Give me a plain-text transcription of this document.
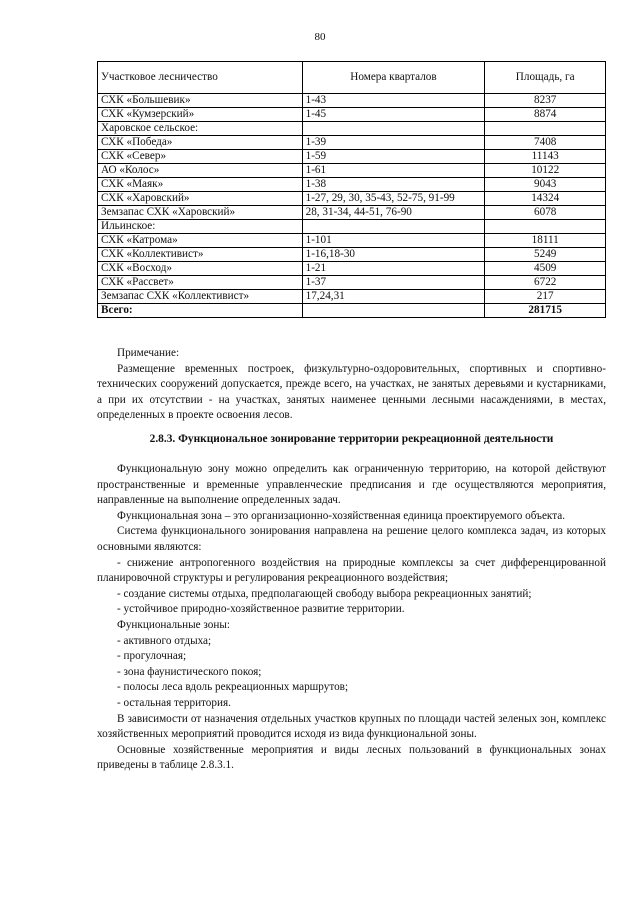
80
Участковое лесничество	Номера кварталов	Площадь, га
СХК «Большевик»	1-43	8237
СХК «Кумзерский»	1-45	8874
Харовское сельское:		
СХК «Победа»	1-39	7408
СХК «Север»	1-59	11143
АО «Колос»	1-61	10122
СХК «Маяк»	1-38	9043
СХК «Харовский»	1-27, 29, 30, 35-43, 52-75, 91-99	14324
Земзапас СХК «Харовский»	28, 31-34, 44-51, 76-90	6078
Ильинское:		
СХК «Катрома»	1-101	18111
СХК «Коллективист»	1-16,18-30	5249
СХК «Восход»	1-21	4509
СХК «Рассвет»	1-37	6722
Земзапас СХК «Коллективист»	17,24,31	217
Всего:		281715

Примечание:

Размещение временных построек, физкультурно-оздоровительных, спортивных и спортивно-технических сооружений допускается, прежде всего, на участках, не занятых деревьями и кустарниками, а при их отсутствии - на участках, занятых наименее ценными лесными насаждениями, в местах, определенных в проекте освоения лесов.

2.8.3. Функциональное зонирование территории рекреационной деятельности

Функциональную зону можно определить как ограниченную территорию, на которой действуют пространственные и временные управленческие предписания и где осуществляются мероприятия, направленные на выполнение определенных задач.

Функциональная зона – это организационно-хозяйственная единица проектируемого объекта.

Система функционального зонирования направлена на решение целого комплекса задач, из которых основными являются:

- снижение антропогенного воздействия на природные комплексы за счет дифференцированной планировочной структуры и регулирования рекреационного воздействия;

- создание системы отдыха, предполагающей свободу выбора рекреационных занятий;

- устойчивое природно-хозяйственное развитие территории.

Функциональные зоны:

- активного отдыха;

- прогулочная;

- зона фаунистического покоя;

- полосы леса вдоль рекреационных маршрутов;

- остальная территория.

В зависимости от назначения отдельных участков крупных по площади частей зеленых зон, комплекс хозяйственных мероприятий проводится исходя из вида функциональной зоны.

Основные хозяйственные мероприятия и виды лесных пользований в функциональных зонах приведены в таблице 2.8.3.1.
